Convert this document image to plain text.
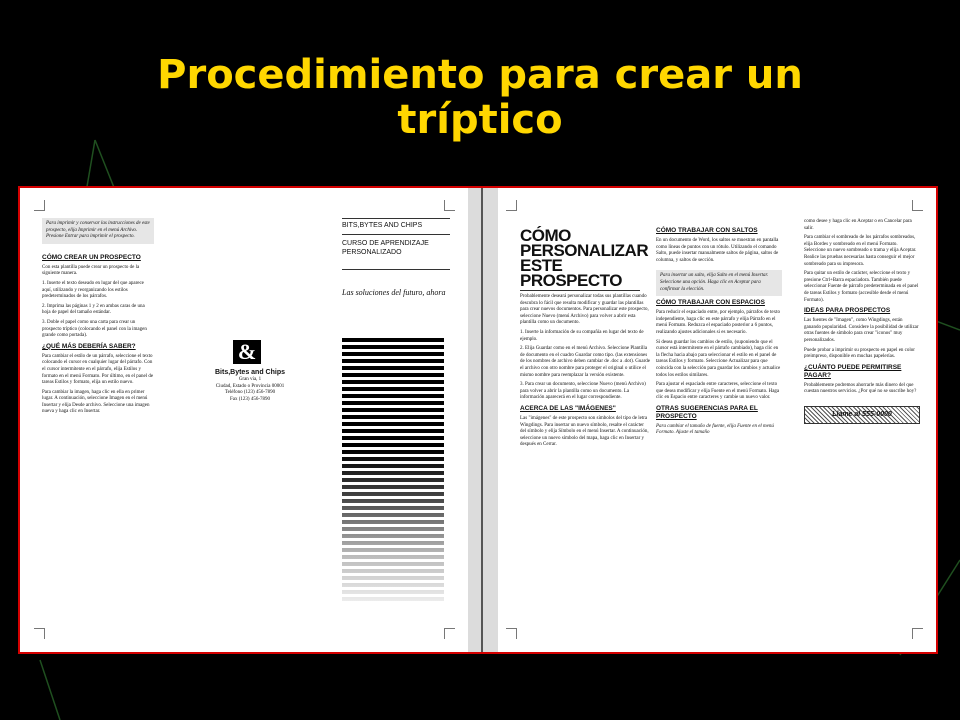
Procedimiento para crear un
tríptico
Para imprimir y conservar las instrucciones de este prospecto, elija Imprimir en el menú Archivo. Presione Entrar para imprimir el prospecto.
CÓMO CREAR UN PROSPECTO
Con esta plantilla puede crear un prospecto de la siguiente manera.
1. Inserte el texto deseado en lugar del que aparece aquí, utilizando y reorganizando los estilos predeterminados de los párrafos.
2. Imprima las páginas 1 y 2 en ambas caras de una hoja de papel del tamaño estándar.
3. Doble el papel como una carta para crear un prospecto tríptico (colocando el panel con la imagen grande como portada).
¿QUÉ MÁS DEBERÍA SABER?
Para cambiar el estilo de un párrafo, seleccione el texto colocando el cursor en cualquier lugar del párrafo. Con el cursor intermitente en el párrafo, elija Estilos y formato en el menú Formato. Por último, en el panel de tareas Estilos y formato, elija un estilo nuevo.
Para cambiar la imagen, haga clic en ella en primer lugar. A continuación, seleccione Imagen en el menú Insertar y elija Desde archivo. Seleccione una imagen nueva y haga clic en Insertar.
&
Bits,Bytes and Chips
Gran vía, 1
Ciudad, Estado o Provincia 00001
Teléfono (123) 456-7890
Fax (123) 456-7890
BITS,BYTES AND CHIPS
CURSO DE APRENDIZAJE PERSONALIZADO
Las soluciones del futuro, ahora
CÓMO
PERSONALIZAR
ESTE
PROSPECTO
Probablemente deseará personalizar todas sus plantillas cuando descubra lo fácil que resulta modificar y guardar las plantillas para crear nuevos documentos. Para personalizar este prospecto, seleccione Nuevo (menú Archivo) para volver a abrir esta plantilla como un documento.
1. Inserte la información de su compañía en lugar del texto de ejemplo.
2. Elija Guardar como en el menú Archivo. Seleccione Plantilla de documento en el cuadro Guardar como tipo. (las extensiones de los nombres de archivo deben cambiar de .doc a .dot). Guarde el archivo con otro nombre para proteger el original o utilice el mismo nombre para reemplazar la versión existente.
3. Para crear un documento, seleccione Nuevo (menú Archivo) para volver a abrir la plantilla como un documento. La información aparecerá en el lugar correspondiente.
ACERCA DE LAS "IMÁGENES"
Las "imágenes" de este prospecto son símbolos del tipo de letra Wingdings. Para insertar un nuevo símbolo, resalte el carácter del símbolo y elija Símbolo en el menú Insertar. A continuación, seleccione un nuevo símbolo del mapa, haga clic en Insertar y después en Cerrar.
CÓMO TRABAJAR CON SALTOS
En un documento de Word, los saltos se muestran en pantalla como líneas de puntos con un rótulo. Utilizando el comando Salto, puede insertar manualmente saltos de página, saltos de columna, y saltos de sección.
Para insertar un salto, elija Salto en el menú Insertar. Seleccione una opción. Haga clic en Aceptar para confirmar la elección.
CÓMO TRABAJAR CON ESPACIOS
Para reducir el espaciado entre, por ejemplo, párrafos de texto independiente, haga clic en este párrafo y elija Párrafo en el menú Formato. Reduzca el espaciado posterior a 6 puntos, realizando ajustes adicionales si es necesario.
Si desea guardar los cambios de estilo, (suponiendo que el cursor está intermitente en el párrafo cambiado), haga clic en la flecha hacia abajo para seleccionar el estilo en el panel de tareas Estilos y formato. Seleccione Actualizar para que coincida con la selección para guardar los cambios y actualice todos los estilos similares.
Para ajustar el espaciado entre caracteres, seleccione el texto que desea modificar y elija Fuente en el menú Formato. Haga clic en Espacio entre caracteres y cambie un nuevo valor.
OTRAS SUGERENCIAS PARA EL PROSPECTO
Para cambiar el tamaño de fuente, elija Fuente en el menú Formato. Ajuste el tamaño
como desee y haga clic en Aceptar o en Cancelar para salir.
Para cambiar el sombreado de los párrafos sombreados, elija Bordes y sombreado en el menú Formato. Seleccione un nuevo sombreado o trama y elija Aceptar. Realice las pruebas necesarias hasta conseguir el mejor sombreado para su impresora.
Para quitar un estilo de carácter, seleccione el texto y presione Ctrl+Barra espaciadora. También puede seleccionar Fuente de párrafo predeterminada en el panel de tareas Estilos y formato (accesible desde el menú Formato).
IDEAS PARA PROSPECTOS
Las fuentes de "Imagen", como Wingdings, están ganando popularidad. Considere la posibilidad de utilizar otras fuentes de símbolo para crear "iconos" muy personalizados.
Puede probar a imprimir su prospecto en papel en color preimpreso, disponible en muchas papelerías.
¿CUÁNTO PUEDE PERMITIRSE PAGAR?
Probablemente podremos ahorrarle más dinero del que cuestan nuestros servicios. ¿Por qué no se suscribe hoy?
Llame al 555-0000
